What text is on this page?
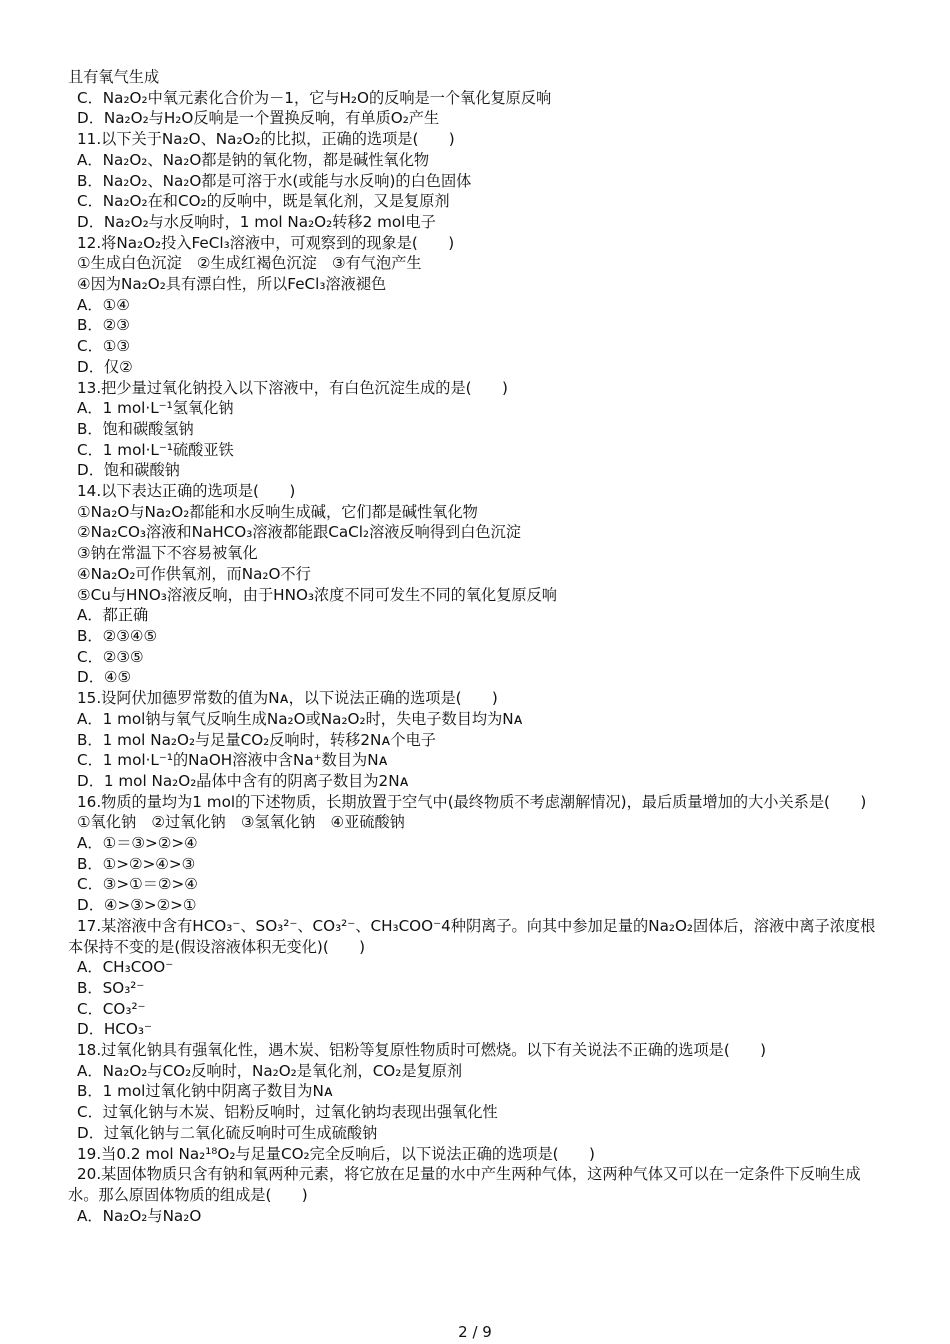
且有氧气生成
C．Na₂O₂中氧元素化合价为－1，它与H₂O的反响是一个氧化复原反响
D．Na₂O₂与H₂O反响是一个置换反响，有单质O₂产生
11.以下关于Na₂O、Na₂O₂的比拟，正确的选项是(　　)
A．Na₂O₂、Na₂O都是钠的氧化物，都是碱性氧化物
B．Na₂O₂、Na₂O都是可溶于水(或能与水反响)的白色固体
C．Na₂O₂在和CO₂的反响中，既是氧化剂，又是复原剂
D．Na₂O₂与水反响时，1 mol Na₂O₂转移2 mol电子
12.将Na₂O₂投入FeCl₃溶液中，可观察到的现象是(　　)
①生成白色沉淀　②生成红褐色沉淀　③有气泡产生
④因为Na₂O₂具有漂白性，所以FeCl₃溶液褪色
A．①④
B．②③
C．①③
D．仅②
13.把少量过氧化钠投入以下溶液中，有白色沉淀生成的是(　　)
A．1 mol·L⁻¹氢氧化钠
B．饱和碳酸氢钠
C．1 mol·L⁻¹硫酸亚铁
D．饱和碳酸钠
14.以下表达正确的选项是(　　)
①Na₂O与Na₂O₂都能和水反响生成碱，它们都是碱性氧化物
②Na₂CO₃溶液和NaHCO₃溶液都能跟CaCl₂溶液反响得到白色沉淀
③钠在常温下不容易被氧化
④Na₂O₂可作供氧剂，而Na₂O不行
⑤Cu与HNO₃溶液反响，由于HNO₃浓度不同可发生不同的氧化复原反响
A．都正确
B．②③④⑤
C．②③⑤
D．④⑤
15.设阿伏加德罗常数的值为Nᴀ，以下说法正确的选项是(　　)
A．1 mol钠与氧气反响生成Na₂O或Na₂O₂时，失电子数目均为Nᴀ
B．1 mol Na₂O₂与足量CO₂反响时，转移2Nᴀ个电子
C．1 mol·L⁻¹的NaOH溶液中含Na⁺数目为Nᴀ
D．1 mol Na₂O₂晶体中含有的阴离子数目为2Nᴀ
16.物质的量均为1 mol的下述物质，长期放置于空气中(最终物质不考虑潮解情况)，最后质量增加的大小关系是(　　)
①氧化钠　②过氧化钠　③氢氧化钠　④亚硫酸钠
A．①＝③>②>④
B．①>②>④>③
C．③>①＝②>④
D．④>③>②>①
17.某溶液中含有HCO₃⁻、SO₃²⁻、CO₃²⁻、CH₃COO⁻4种阴离子。向其中参加足量的Na₂O₂固体后，溶液中离子浓度根本保持不变的是(假设溶液体积无变化)(　　)
A．CH₃COO⁻
B．SO₃²⁻
C．CO₃²⁻
D．HCO₃⁻
18.过氧化钠具有强氧化性，遇木炭、铝粉等复原性物质时可燃烧。以下有关说法不正确的选项是(　　)
A．Na₂O₂与CO₂反响时，Na₂O₂是氧化剂，CO₂是复原剂
B．1 mol过氧化钠中阴离子数目为Nᴀ
C．过氧化钠与木炭、铝粉反响时，过氧化钠均表现出强氧化性
D．过氧化钠与二氧化硫反响时可生成硫酸钠
19.当0.2 mol Na₂¹⁸O₂与足量CO₂完全反响后，以下说法正确的选项是(　　)
20.某固体物质只含有钠和氧两种元素，将它放在足量的水中产生两种气体，这两种气体又可以在一定条件下反响生成水。那么原固体物质的组成是(　　)
A．Na₂O₂与Na₂O
2 / 9
